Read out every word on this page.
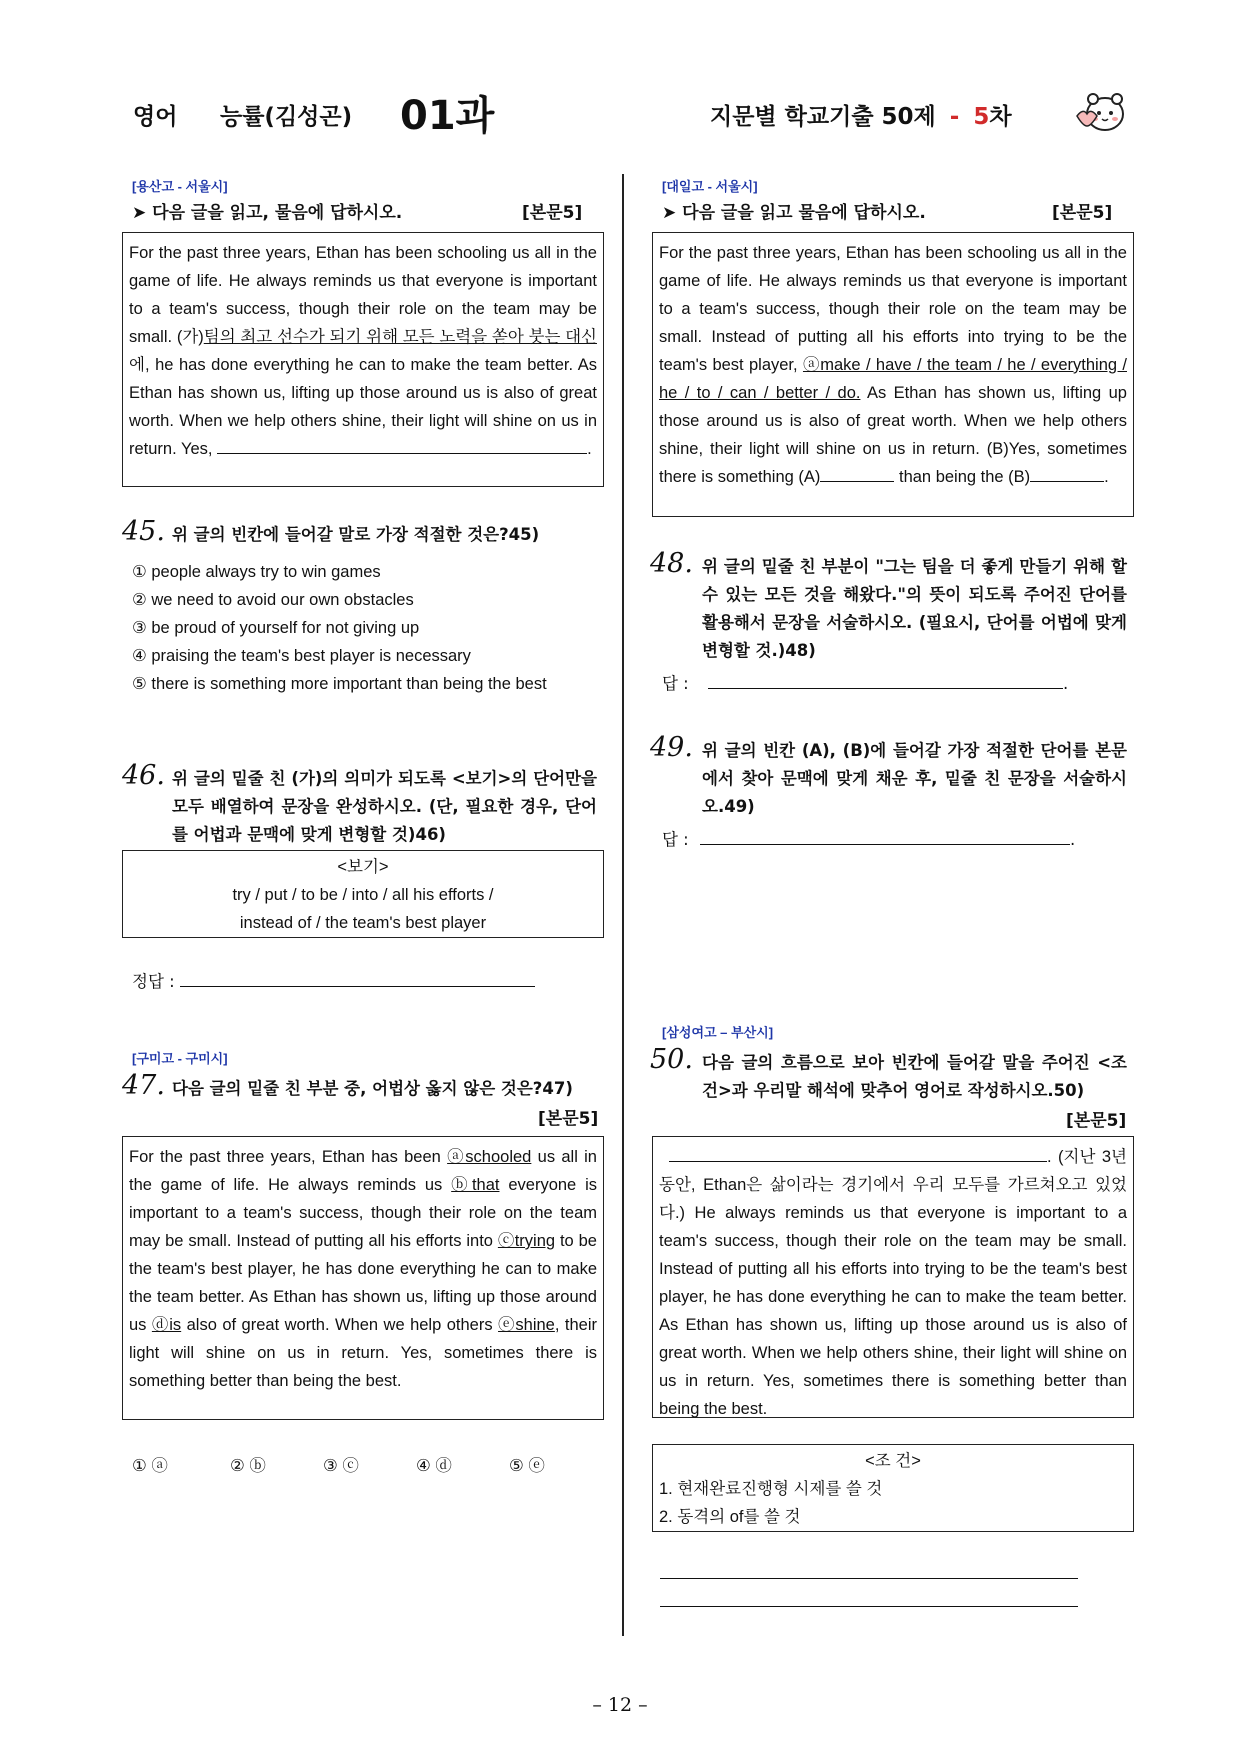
영어 능률(김성곤) 01과	지문별 학교기출 50제 - 5차
[용산고 - 서울시]
➤ 다음 글을 읽고, 물음에 답하시오.	[본문5]
For the past three years, Ethan has been schooling us all in the game of life. He always reminds us that everyone is important to a team's success, though their role on the team may be small. (가)팀의 최고 선수가 되기 위해 모든 노력을 쏟아 붓는 대신에, he has done everything he can to make the team better. As Ethan has shown us, lifting up those around us is also of great worth. When we help others shine, their light will shine on us in return. Yes,	.
45. 위 글의 빈칸에 들어갈 말로 가장 적절한 것은?45)
① people always try to win games
② we need to avoid our own obstacles
③ be proud of yourself for not giving up
④ praising the team's best player is necessary
⑤ there is something more important than being the best
46. 위 글의 밑줄 친 (가)의 의미가 되도록 <보기>의 단어만을 모두 배열하여 문장을 완성하시오. (단, 필요한 경우, 단어를 어법과 문맥에 맞게 변형할 것)46)
<보기>
try / put / to be / into / all his efforts /
instead of / the team's best player
정답 :
[구미고 - 구미시]
47. 다음 글의 밑줄 친 부분 중, 어법상 옳지 않은 것은?47)
[본문5]
For the past three years, Ethan has been ⓐschooled us all in the game of life. He always reminds us ⓑthat everyone is important to a team's success, though their role on the team may be small. Instead of putting all his efforts into ⓒtrying to be the team's best player, he has done everything he can to make the team better. As Ethan has shown us, lifting up those around us ⓓis also of great worth. When we help others ⓔshine, their light will shine on us in return. Yes, sometimes there is something better than being the best.
① ⓐ	② ⓑ	③ ⓒ	④ ⓓ	⑤ ⓔ
[대일고 - 서울시]
➤ 다음 글을 읽고 물음에 답하시오.	[본문5]
For the past three years, Ethan has been schooling us all in the game of life. He always reminds us that everyone is important to a team's success, though their role on the team may be small. Instead of putting all his efforts into trying to be the team's best player, ⓐmake / have / the team / he / everything / he / to / can / better / do. As Ethan has shown us, lifting up those around us is also of great worth. When we help others shine, their light will shine on us in return. (B)Yes, sometimes there is something (A)	than being the (B)	.
48. 위 글의 밑줄 친 부분이 "그는 팀을 더 좋게 만들기 위해 할 수 있는 모든 것을 해왔다."의 뜻이 되도록 주어진 단어를 활용해서 문장을 서술하시오. (필요시, 단어를 어법에 맞게 변형할 것.)48)
답 :	.
49. 위 글의 빈칸 (A), (B)에 들어갈 가장 적절한 단어를 본문에서 찾아 문맥에 맞게 채운 후, 밑줄 친 문장을 서술하시오.49)
답 :	.
[삼성여고 – 부산시]
50. 다음 글의 흐름으로 보아 빈칸에 들어갈 말을 주어진 <조건>과 우리말 해석에 맞추어 영어로 작성하시오.50)
[본문5]
. (지난 3년 동안, Ethan은 삶이라는 경기에서 우리 모두를 가르쳐오고 있었다.) He always reminds us that everyone is important to a team's success, though their role on the team may be small. Instead of putting all his efforts into trying to be the team's best player, he has done everything he can to make the team better. As Ethan has shown us, lifting up those around us is also of great worth. When we help others shine, their light will shine on us in return. Yes, sometimes there is something better than being the best.
<조 건>
1. 현재완료진행형 시제를 쓸 것
2. 동격의 of를 쓸 것
– 12 –
